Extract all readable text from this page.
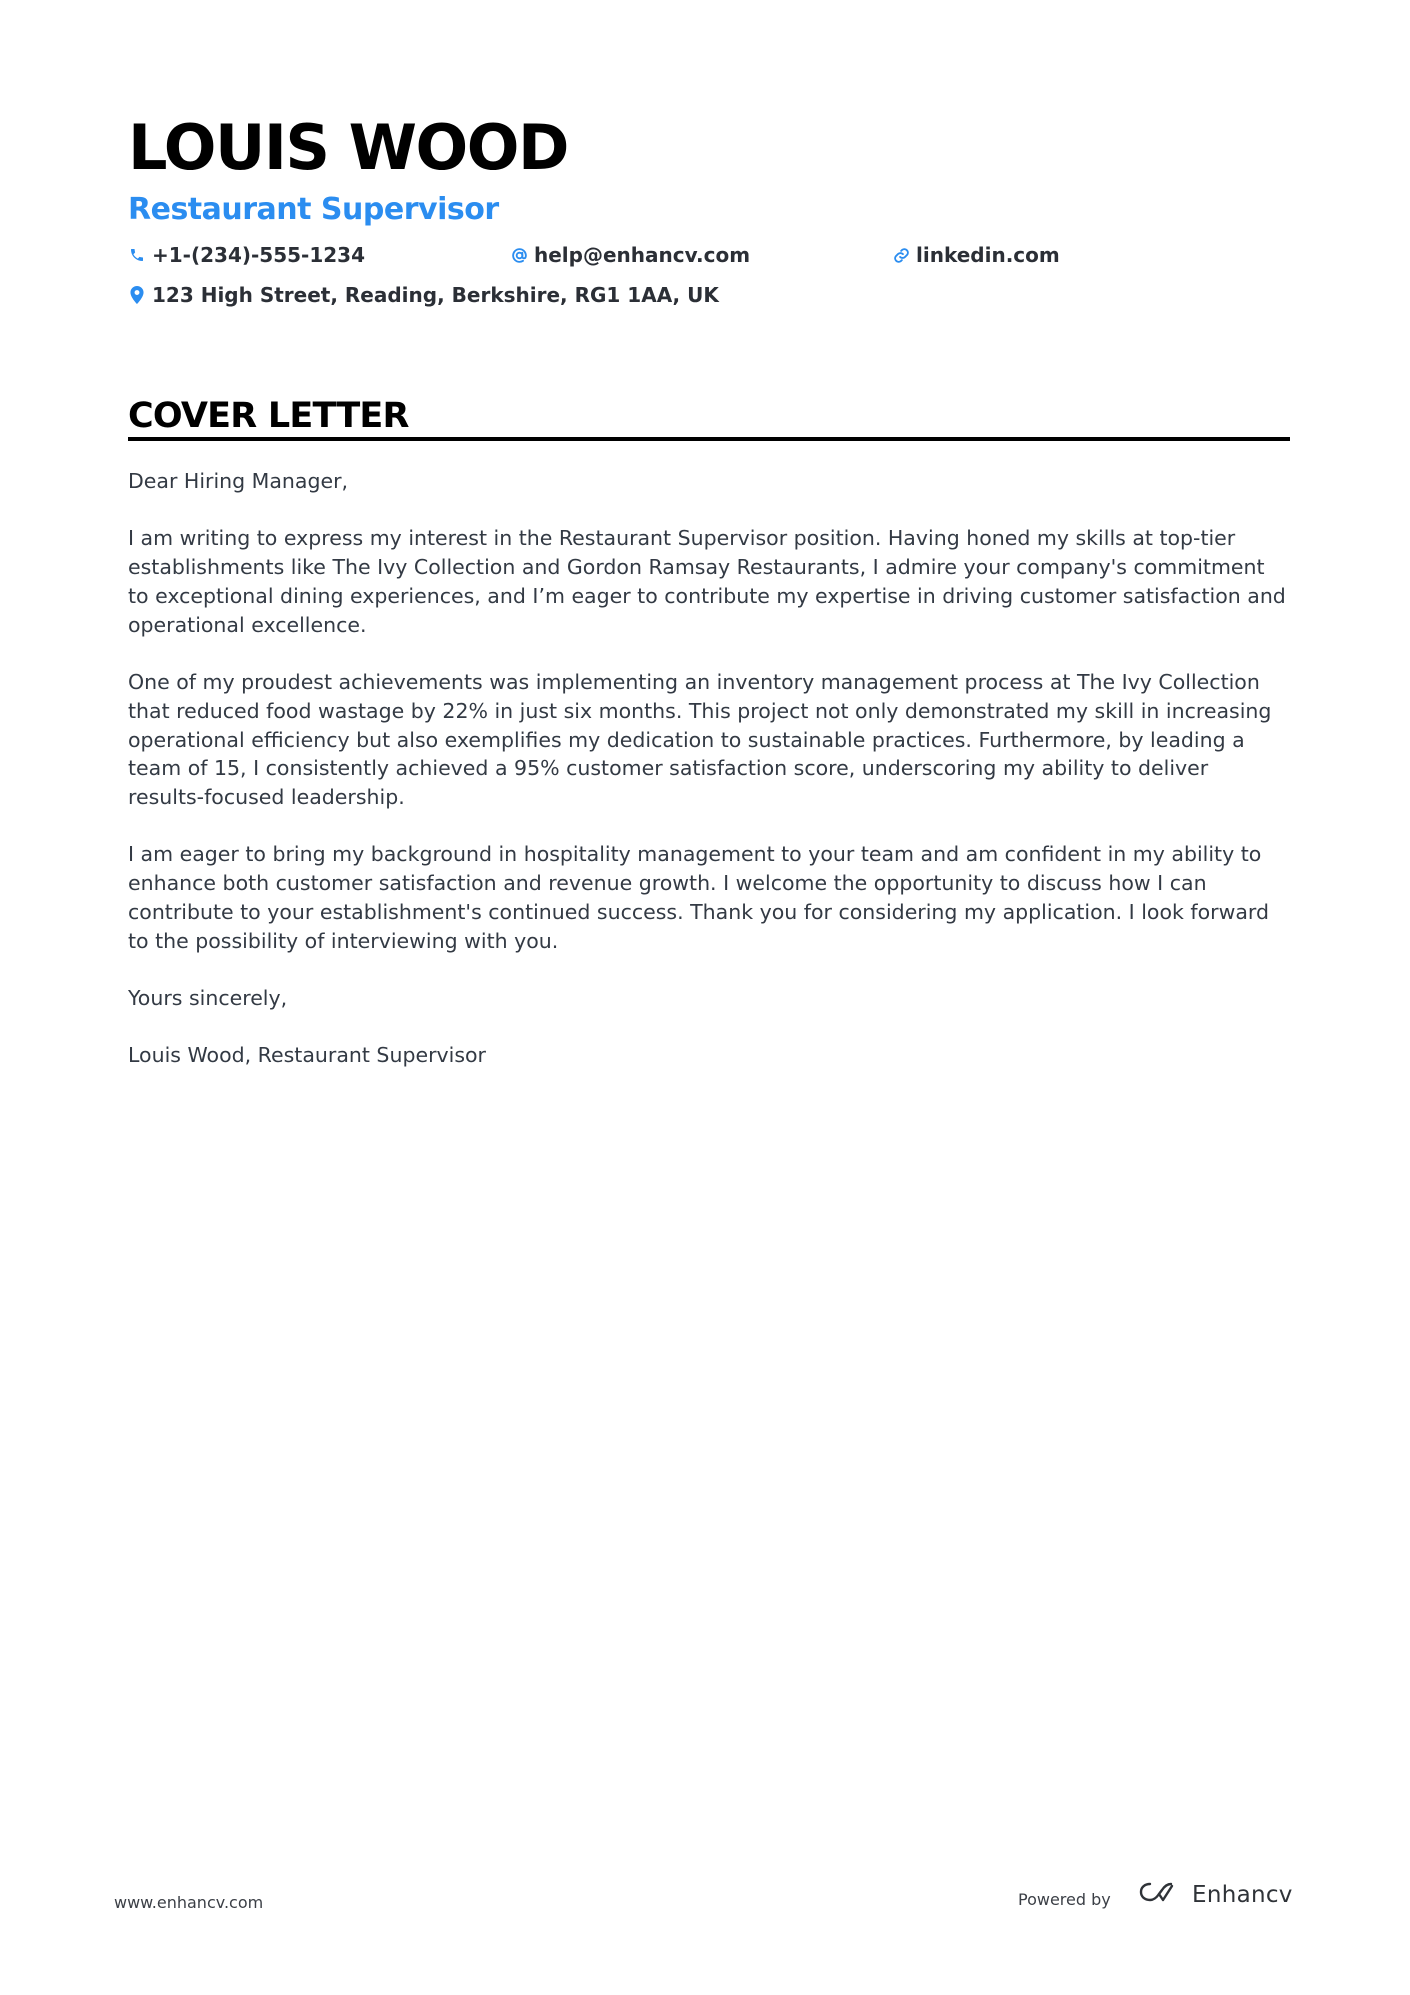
LOUIS WOOD
Restaurant Supervisor
+1-(234)-555-1234	help@enhancv.com	linkedin.com
123 High Street, Reading, Berkshire, RG1 1AA, UK
COVER LETTER

Dear Hiring Manager,

I am writing to express my interest in the Restaurant Supervisor position. Having honed my skills at top-tier establishments like The Ivy Collection and Gordon Ramsay Restaurants, I admire your company's commitment to exceptional dining experiences, and I’m eager to contribute my expertise in driving customer satisfaction and operational excellence.

One of my proudest achievements was implementing an inventory management process at The Ivy Collection that reduced food wastage by 22% in just six months. This project not only demonstrated my skill in increasing operational efficiency but also exemplifies my dedication to sustainable practices. Furthermore, by leading a team of 15, I consistently achieved a 95% customer satisfaction score, underscoring my ability to deliver results-focused leadership.

I am eager to bring my background in hospitality management to your team and am confident in my ability to enhance both customer satisfaction and revenue growth. I welcome the opportunity to discuss how I can contribute to your establishment's continued success. Thank you for considering my application. I look forward to the possibility of interviewing with you.

Yours sincerely,

Louis Wood, Restaurant Supervisor

www.enhancv.com	Powered by	Enhancv
